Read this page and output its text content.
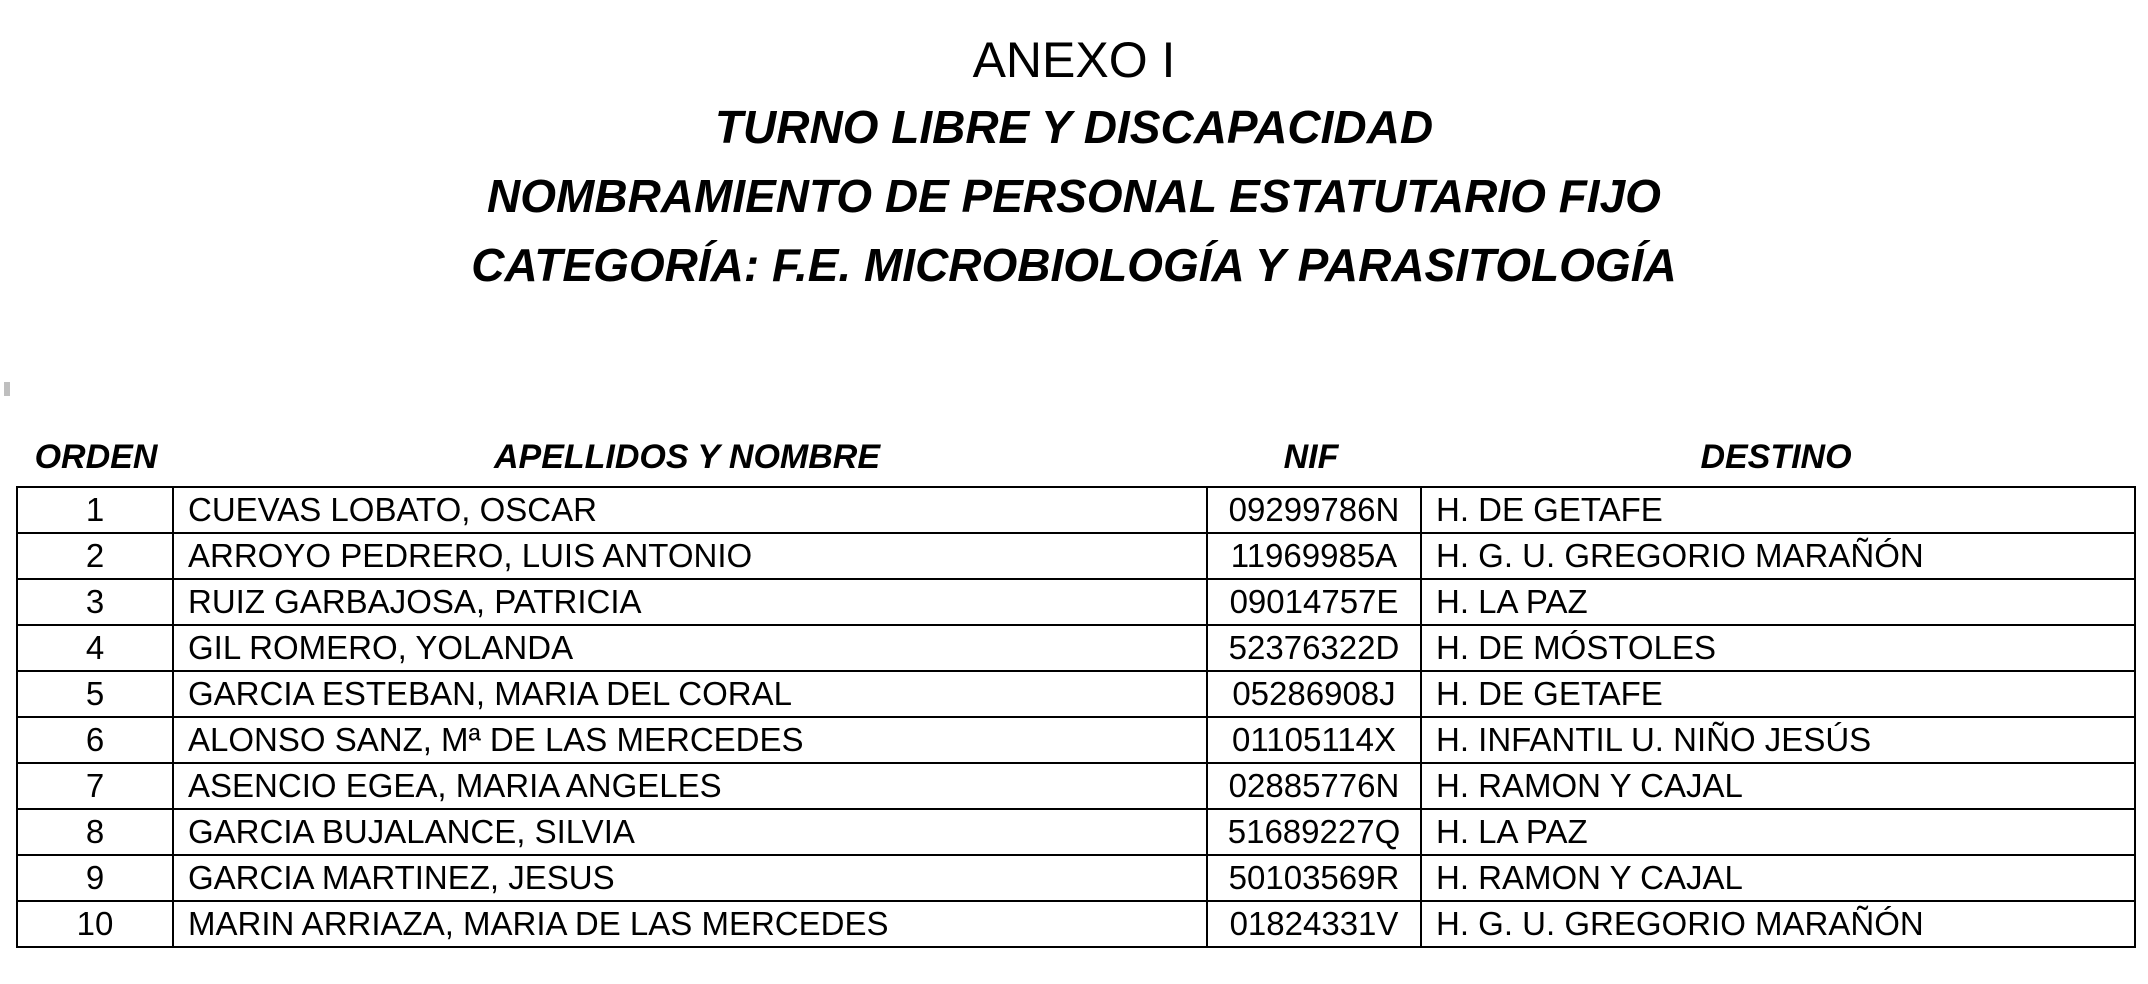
ANEXO I
TURNO LIBRE Y DISCAPACIDAD
NOMBRAMIENTO DE PERSONAL ESTATUTARIO FIJO
CATEGORÍA: F.E. MICROBIOLOGÍA Y PARASITOLOGÍA
ORDEN	APELLIDOS Y NOMBRE	NIF	DESTINO
1	CUEVAS LOBATO, OSCAR	09299786N	H. DE GETAFE
2	ARROYO PEDRERO, LUIS ANTONIO	11969985A	H. G. U. GREGORIO MARAÑÓN
3	RUIZ GARBAJOSA, PATRICIA	09014757E	H. LA PAZ
4	GIL ROMERO, YOLANDA	52376322D	H. DE MÓSTOLES
5	GARCIA ESTEBAN, MARIA DEL CORAL	05286908J	H. DE GETAFE
6	ALONSO SANZ, Mª DE LAS MERCEDES	01105114X	H. INFANTIL U. NIÑO JESÚS
7	ASENCIO EGEA, MARIA ANGELES	02885776N	H. RAMON Y CAJAL
8	GARCIA BUJALANCE, SILVIA	51689227Q	H. LA PAZ
9	GARCIA MARTINEZ, JESUS	50103569R	H. RAMON Y CAJAL
10	MARIN ARRIAZA, MARIA DE LAS MERCEDES	01824331V	H. G. U. GREGORIO MARAÑÓN
